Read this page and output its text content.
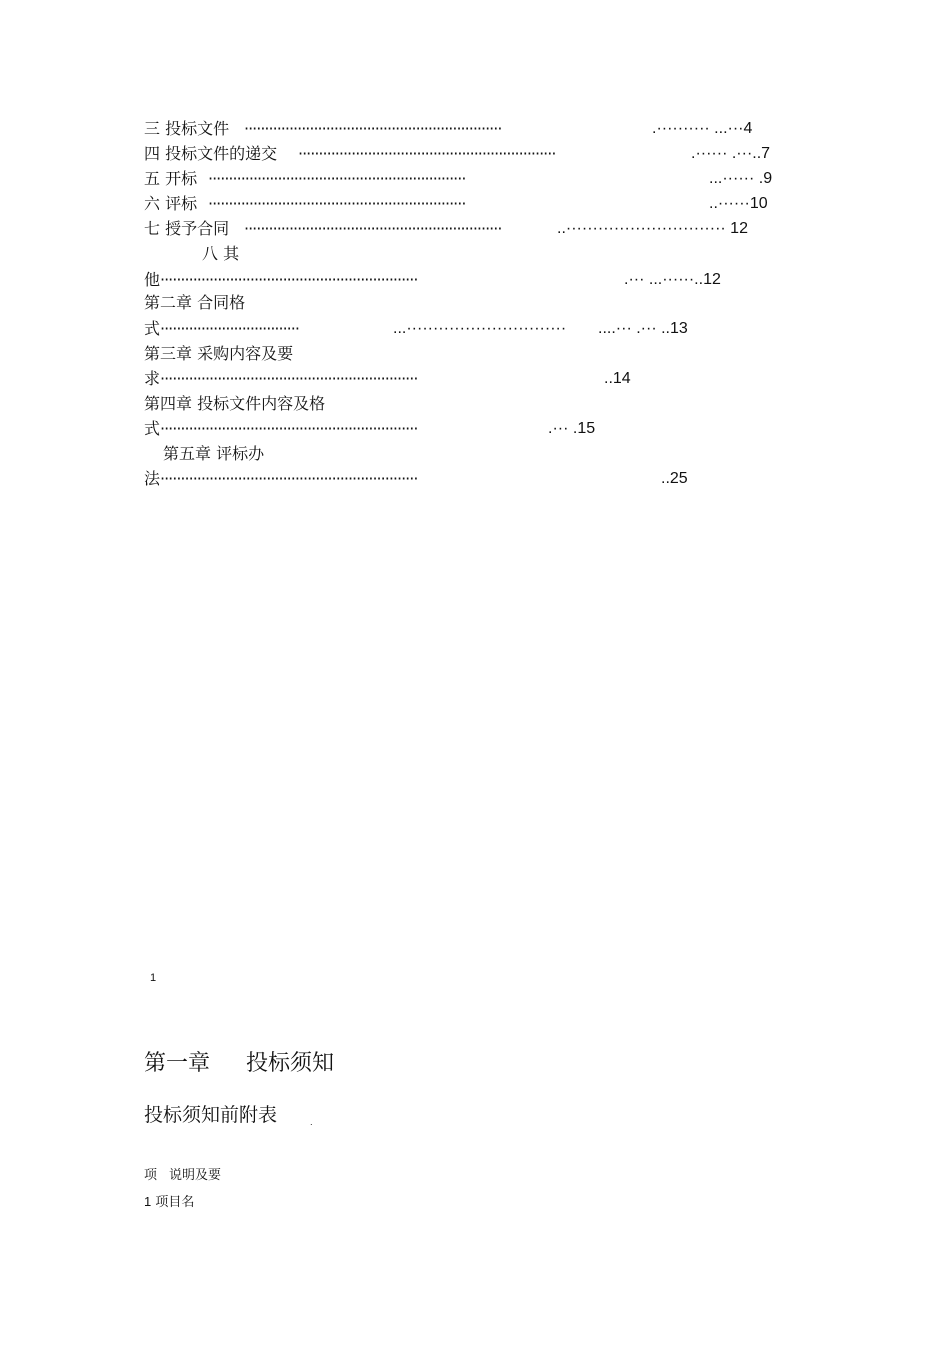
三 投标文件 ·······························································	.·········· ...···4
四 投标文件的递交 ·······························································	.······ .···..7
五 开标 ·······························································	...······ .9
六 评标 ·······························································	..······10
七 授予合同 ·······························································	..······························ 12
八 其
他 ·······························································	.··· ...······..12
第二章 合同格
式 ··································	...······························	....··· .··· ..13
第三章 采购内容及要
求 ·······························································	..14
第四章 投标文件内容及格
式 ·······························································	.··· .15
第五章 评标办
法 ·······························································	..25
1
第一章 投标须知
投标须知前附表	.
项 说明及要
1 项目名
